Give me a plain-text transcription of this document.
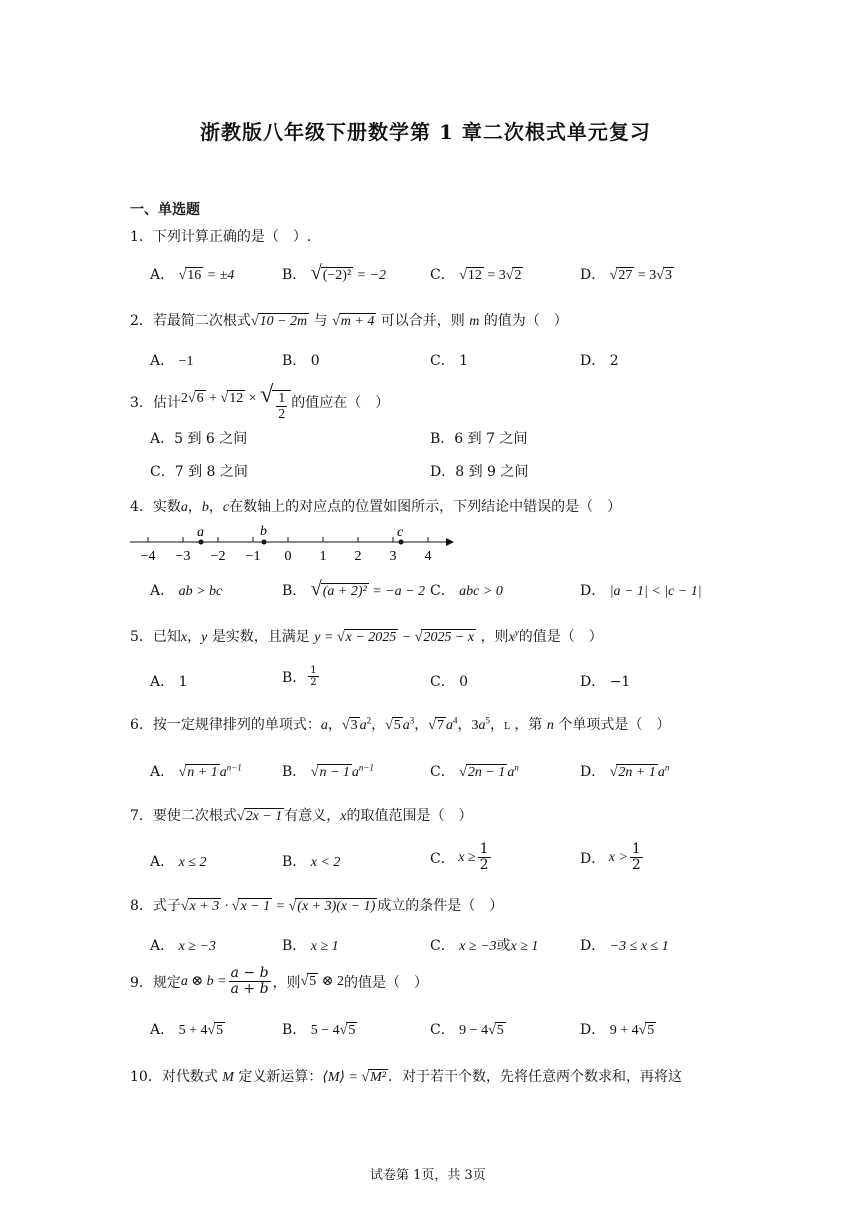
浙教版八年级下册数学第 1 章二次根式单元复习
一、单选题
1．下列计算正确的是（　）.
A． √16 = ±4	B． √(−2)² = −2	C． √12 = 3√2	D． √27 = 3√3
2．若最简二次根式√10 − 2m 与 √m + 4 可以合并，则 m 的值为（　）
A． −1	B． 0	C． 1	D． 2
3．估计 2√6 + √12 × √ $\frac{1}{2}$ 的值应在（　）
A．5 到 6 之间	B．6 到 7 之间
C．7 到 8 之间	D．8 到 9 之间
4．实数a，b，c在数轴上的对应点的位置如图所示，下列结论中错误的是（　）
−4 −3 −2 −1 0 1 2 3 4
a	b	c
A． ab > bc	B． √(a + 2)² = −a − 2 C． abc > 0	D． |a − 1| < |c − 1|
5．已知x，y 是实数，且满足 y = √x − 2025 − √2025 − x ，则$x^y$的值是（　）
A． 1	B． $\frac{1}{2}$	C． 0	D． −1
6．按一定规律排列的单项式：a，√3 $a^2$，√5 $a^3$，√7 $a^4$，$3a^5$，L ，第 n 个单项式是（　）
A． √n + 1 $a^{n-1}$	B． √n − 1 $a^{n-1}$	C． √2n − 1 $a^n$	D． √2n + 1 $a^n$
7．要使二次根式√2x − 1 有意义，x的取值范围是（　）
A． x ≤ 2	B． x < 2	C． $x \ge \frac{1}{2}$	D． $x > \frac{1}{2}$
8．式子√x + 3 · √x − 1 = √(x + 3)(x − 1) 成立的条件是（　）
A． x ≥ −3	B． x ≥ 1	C． x ≥ −3或x ≥ 1	D． −3 ≤ x ≤ 1
9．规定 a ⊗ $b = \frac{a - b}{a + b}$ ，则 √5 ⊗ 2 的值是（　）
A． 5 + 4√5	B． 5 − 4√5	C． 9 − 4√5	D． 9 + 4√5
10．对代数式 M 定义新运算：⟨M⟩ = √M² ．对于若干个数，先将任意两个数求和，再将这
试卷第 1页，共 3页
